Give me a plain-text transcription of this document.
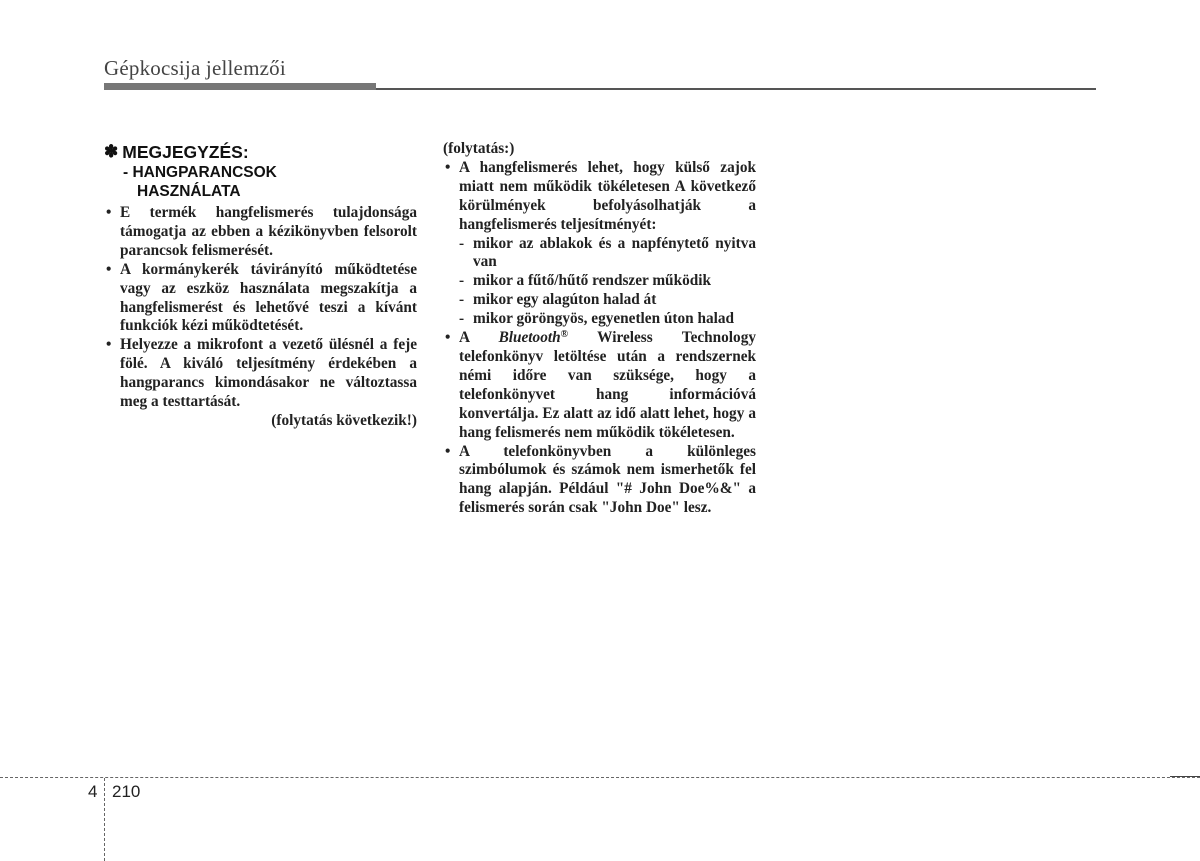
Gépkocsija jellemzői
✽ MEGJEGYZÉS:
- HANGPARANCSOK
HASZNÁLATA
• E termék hangfelismerés tulajdonsága támogatja az ebben a kézikönyvben felsorolt parancsok felismerését.
• A kormánykerék távirányító működtetése vagy az eszköz használata megszakítja a hangfelismerést és lehetővé teszi a kívánt funkciók kézi működtetését.
• Helyezze a mikrofont a vezető ülésnél a feje fölé. A kiváló teljesítmény érdekében a hangparancs kimondásakor ne változtassa meg a testtartását.
(folytatás következik!)
(folytatás:)
• A hangfelismerés lehet, hogy külső zajok miatt nem működik tökéletesen A következő körülmények befolyásolhatják a hangfelismerés teljesítményét:
- mikor az ablakok és a napfénytető nyitva van
- mikor a fűtő/hűtő rendszer működik
- mikor egy alagúton halad át
- mikor göröngyös, egyenetlen úton halad
• A Bluetooth® Wireless Technology telefonkönyv letöltése után a rendszernek némi időre van szüksége, hogy a telefonkönyvet hang információvá konvertálja. Ez alatt az idő alatt lehet, hogy a hang felismerés nem működik tökéletesen.
• A telefonkönyvben a különleges szimbólumok és számok nem ismerhetők fel hang alapján. Például "# John Doe%&" a felismerés során csak "John Doe" lesz.
4 210
